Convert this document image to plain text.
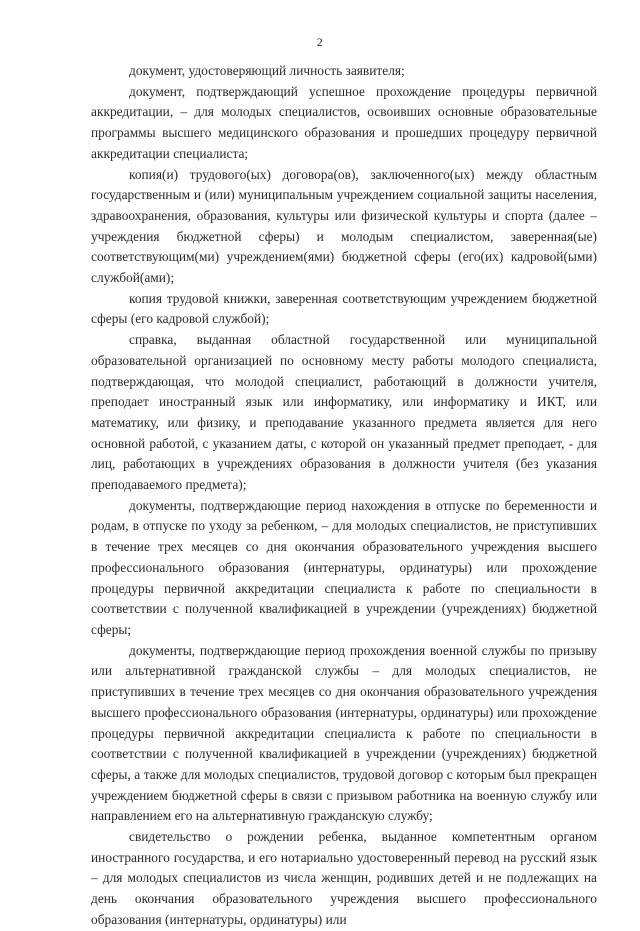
2

документ, удостоверяющий личность заявителя;

документ, подтверждающий успешное прохождение процедуры первичной аккредитации, – для молодых специалистов, освоивших основные образовательные программы высшего медицинского образования и прошедших процедуру первичной аккредитации специалиста;

копия(и) трудового(ых) договора(ов), заключенного(ых) между областным государственным и (или) муниципальным учреждением социальной защиты населения, здравоохранения, образования, культуры или физической культуры и спорта (далее – учреждения бюджетной сферы) и молодым специалистом, заверенная(ые) соответствующим(ми) учреждением(ями) бюджетной сферы (его(их) кадровой(ыми) службой(ами);

копия трудовой книжки, заверенная соответствующим учреждением бюджетной сферы (его кадровой службой);

справка, выданная областной государственной или муниципальной образовательной организацией по основному месту работы молодого специалиста, подтверждающая, что молодой специалист, работающий в должности учителя, преподает иностранный язык или информатику, или информатику и ИКТ, или математику, или физику, и преподавание указанного предмета является для него основной работой, с указанием даты, с которой он указанный предмет преподает, - для лиц, работающих в учреждениях образования в должности учителя (без указания преподаваемого предмета);

документы, подтверждающие период нахождения в отпуске по беременности и родам, в отпуске по уходу за ребенком, – для молодых специалистов, не приступивших в течение трех месяцев со дня окончания образовательного учреждения высшего профессионального образования (интернатуры, ординатуры) или прохождение процедуры первичной аккредитации специалиста к работе по специальности в соответствии с полученной квалификацией в учреждении (учреждениях) бюджетной сферы;

документы, подтверждающие период прохождения военной службы по призыву или альтернативной гражданской службы – для молодых специалистов, не приступивших в течение трех месяцев со дня окончания образовательного учреждения высшего профессионального образования (интернатуры, ординатуры) или прохождение процедуры первичной аккредитации специалиста к работе по специальности в соответствии с полученной квалификацией в учреждении (учреждениях) бюджетной сферы, а также для молодых специалистов, трудовой договор с которым был прекращен учреждением бюджетной сферы в связи с призывом работника на военную службу или направлением его на альтернативную гражданскую службу;

свидетельство о рождении ребенка, выданное компетентным органом иностранного государства, и его нотариально удостоверенный перевод на русский язык – для молодых специалистов из числа женщин, родивших детей и не подлежащих на день окончания образовательного учреждения высшего профессионального образования (интернатуры, ординатуры) или
